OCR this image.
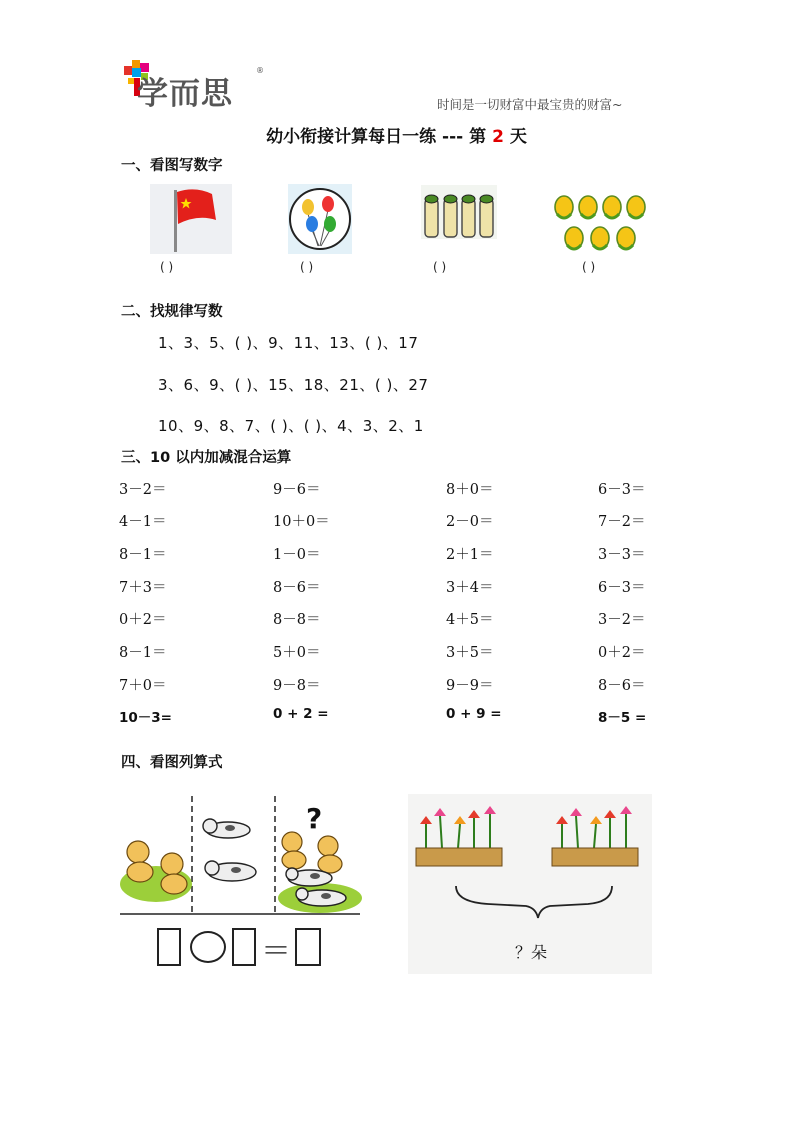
学而思
®
时间是一切财富中最宝贵的财富~
幼小衔接计算每日一练 --- 第 2 天
一、看图写数字
( )	( )	( )	( )
二、找规律写数
1、3、5、( )、9、11、13、( )、17
3、6、9、( )、15、18、21、( )、27
10、9、8、7、( )、( )、4、3、2、1
三、10 以内加减混合运算
3－2＝	9－6＝	8＋0＝	6－3＝
4－1＝	10＋0＝	2－0＝	7－2＝
8－1＝	1－0＝	2＋1＝	3－3＝
7＋3＝	8－6＝	3＋4＝	6－3＝
0＋2＝	8－8＝	4＋5＝	3－2＝
8－1＝	5＋0＝	3＋5＝	0＋2＝
7＋0＝	9－8＝	9－9＝	8－6＝
10－3=	0 + 2 =	0 + 9 =	8－5 =
四、看图列算式
?
＝	？朵
